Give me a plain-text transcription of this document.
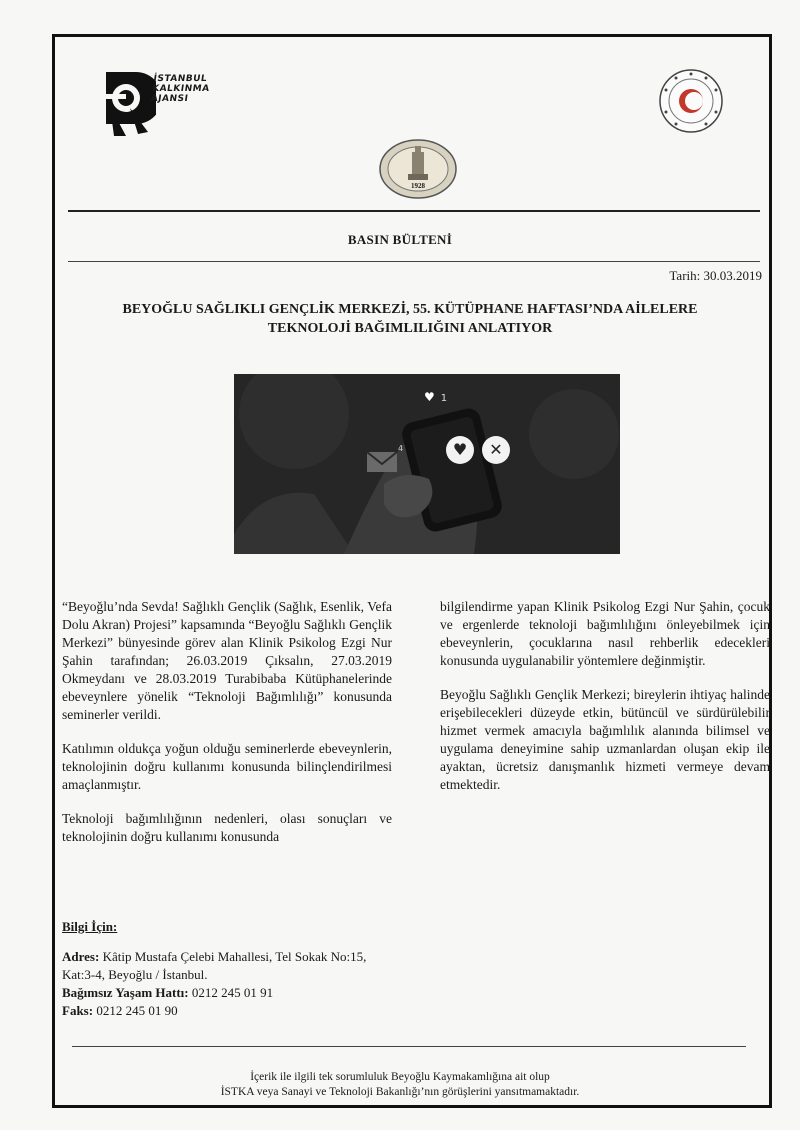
İSTANBUL
KALKINMA
AJANSI
1928
BASIN BÜLTENİ
Tarih: 30.03.2019
BEYOĞLU SAĞLIKLI GENÇLİK MERKEZİ, 55. KÜTÜPHANE HAFTASI’NDA AİLELERE
TEKNOLOJİ BAĞIMLILIĞINI ANLATIYOR
♥ 1
♥	✕
4

“Beyoğlu’nda Sevda! Sağlıklı Gençlik (Sağlık, Esenlik, Vefa Dolu Akran) Projesi” kapsamında “Beyoğlu Sağlıklı Gençlik Merkezi” bünyesinde görev alan Klinik Psikolog Ezgi Nur Şahin tarafından; 26.03.2019 Çıksalın, 27.03.2019 Okmeydanı ve 28.03.2019 Turabibaba Kütüphanelerinde ebeveynlere yönelik “Teknoloji Bağımlılığı” konusunda seminerler verildi.

Katılımın oldukça yoğun olduğu seminerlerde ebeveynlerin, teknolojinin doğru kullanımı konusunda bilinçlendirilmesi amaçlanmıştır.

Teknoloji bağımlılığının nedenleri, olası sonuçları ve teknolojinin doğru kullanımı konusunda

bilgilendirme yapan Klinik Psikolog Ezgi Nur Şahin, çocuk ve ergenlerde teknoloji bağımlılığını önleyebilmek için ebeveynlerin, çocuklarına nasıl rehberlik edecekleri konusunda uygulanabilir yöntemlere değinmiştir.

Beyoğlu Sağlıklı Gençlik Merkezi; bireylerin ihtiyaç halinde erişebilecekleri düzeyde etkin, bütüncül ve sürdürülebilir hizmet vermek amacıyla bağımlılık alanında bilimsel ve uygulama deneyimine sahip uzmanlardan oluşan ekip ile ayaktan, ücretsiz danışmanlık hizmeti vermeye devam etmektedir.

Bilgi İçin:
Adres: Kâtip Mustafa Çelebi Mahallesi, Tel Sokak No:15, Kat:3-4, Beyoğlu / İstanbul.
Bağımsız Yaşam Hattı: 0212 245 01 91
Faks: 0212 245 01 90
İçerik ile ilgili tek sorumluluk Beyoğlu Kaymakamlığına ait olup
İSTKA veya Sanayi ve Teknoloji Bakanlığı’nın görüşlerini yansıtmamaktadır.
